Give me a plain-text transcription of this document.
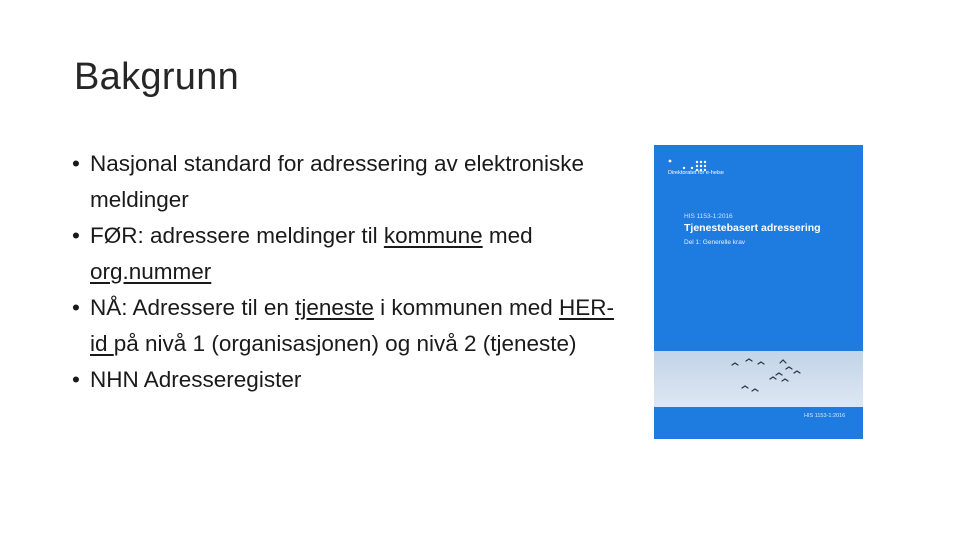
Bakgrunn

• Nasjonal standard for adressering av elektroniske meldinger

• FØR: adressere meldinger til kommune med org.nummer

• NÅ: Adressere til en tjeneste i kommunen med HER-id på nivå 1 (organisasjonen) og nivå 2 (tjeneste)

• NHN Adresseregister

Direktoratet for e-helse
HIS 1153-1:2016
Tjenestebasert adressering
Del 1: Generelle krav
HIS 1153-1:2016
